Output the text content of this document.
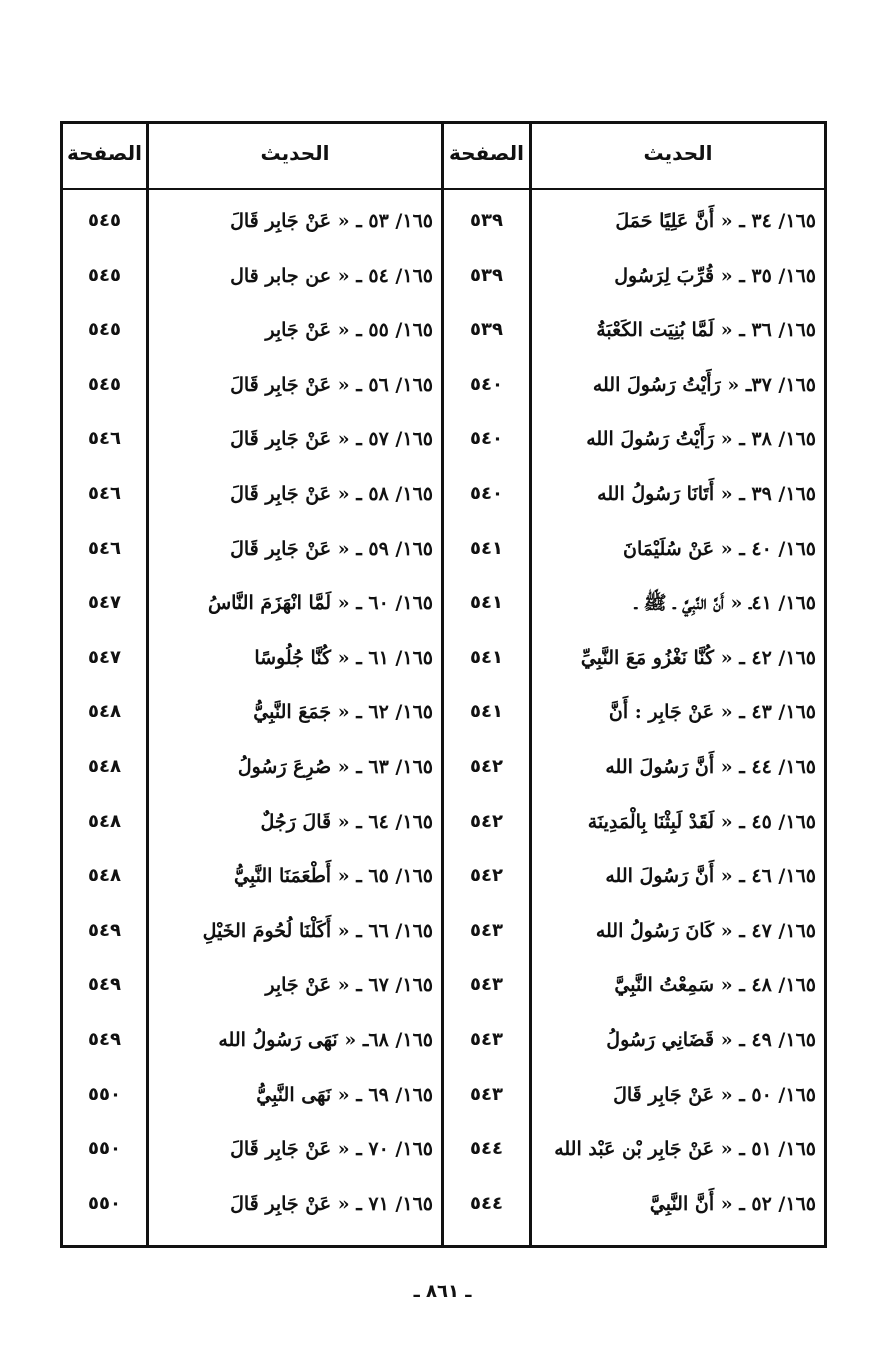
الحديث
الصفحة
الحديث
الصفحة
١٦٥/ ٣٤ ـ « أَنَّ عَلِيًا حَمَلَ
٥٣٩
١٦٥/ ٥٣ ـ « عَنْ جَابِر قَالَ
٥٤٥
١٦٥/ ٣٥ ـ « قُرِّبَ لِرَسُول
٥٣٩
١٦٥/ ٥٤ ـ « عن جابر قال
٥٤٥
١٦٥/ ٣٦ ـ « لَمَّا بُنِيَت الكَعْبَةُ
٥٣٩
١٦٥/ ٥٥ ـ « عَنْ جَابِر
٥٤٥
١٦٥/ ٣٧ـ « رَأَيْتُ رَسُولَ الله
٥٤٠
١٦٥/ ٥٦ ـ « عَنْ جَابِر قَالَ
٥٤٥
١٦٥/ ٣٨ ـ « رَأَيْتُ رَسُولَ الله
٥٤٠
١٦٥/ ٥٧ ـ « عَنْ جَابِر قَالَ
٥٤٦
١٦٥/ ٣٩ ـ « أَتَانَا رَسُولُ الله
٥٤٠
١٦٥/ ٥٨ ـ « عَنْ جَابِر قَالَ
٥٤٦
١٦٥/ ٤٠ ـ « عَنْ سُلَيْمَانَ
٥٤١
١٦٥/ ٥٩ ـ « عَنْ جَابِر قَالَ
٥٤٦
١٦٥/ ٤١ـ « أَنَّ النَّبِيَّ ـ ﷺ ـ
٥٤١
١٦٥/ ٦٠ ـ « لَمَّا انْهَزَمَ النَّاسُ
٥٤٧
١٦٥/ ٤٢ ـ « كُنَّا نَغْزُو مَعَ النَّبِيِّ
٥٤١
١٦٥/ ٦١ ـ « كُنَّا جُلُوسًا
٥٤٧
١٦٥/ ٤٣ ـ « عَنْ جَابِر : أَنَّ
٥٤١
١٦٥/ ٦٢ ـ « جَمَعَ النَّبِيُّ
٥٤٨
١٦٥/ ٤٤ ـ « أَنَّ رَسُولَ الله
٥٤٢
١٦٥/ ٦٣ ـ « صُرِعَ رَسُولُ
٥٤٨
١٦٥/ ٤٥ ـ « لَقَدْ لَبِثْنَا بِالْمَدِينَة
٥٤٢
١٦٥/ ٦٤ ـ « قَالَ رَجُلٌ
٥٤٨
١٦٥/ ٤٦ ـ « أَنَّ رَسُولَ الله
٥٤٢
١٦٥/ ٦٥ ـ « أَطْعَمَنَا النَّبِيُّ
٥٤٨
١٦٥/ ٤٧ ـ « كَانَ رَسُولُ الله
٥٤٣
١٦٥/ ٦٦ ـ « أَكَلْنَا لُحُومَ الخَيْلِ
٥٤٩
١٦٥/ ٤٨ ـ « سَمِعْتُ النَّبِيَّ
٥٤٣
١٦٥/ ٦٧ ـ « عَنْ جَابِر
٥٤٩
١٦٥/ ٤٩ ـ « قَضَانِي رَسُولُ
٥٤٣
١٦٥/ ٦٨ـ « نَهَى رَسُولُ الله
٥٤٩
١٦٥/ ٥٠ ـ « عَنْ جَابِر قَالَ
٥٤٣
١٦٥/ ٦٩ ـ « نَهَى النَّبِيُّ
٥٥٠
١٦٥/ ٥١ ـ « عَنْ جَابِر بْن عَبْد الله
٥٤٤
١٦٥/ ٧٠ ـ « عَنْ جَابِر قَالَ
٥٥٠
١٦٥/ ٥٢ ـ « أَنَّ النَّبِيَّ
٥٤٤
١٦٥/ ٧١ ـ « عَنْ جَابِر قَالَ
٥٥٠
ـ ٨٦١ ـ
